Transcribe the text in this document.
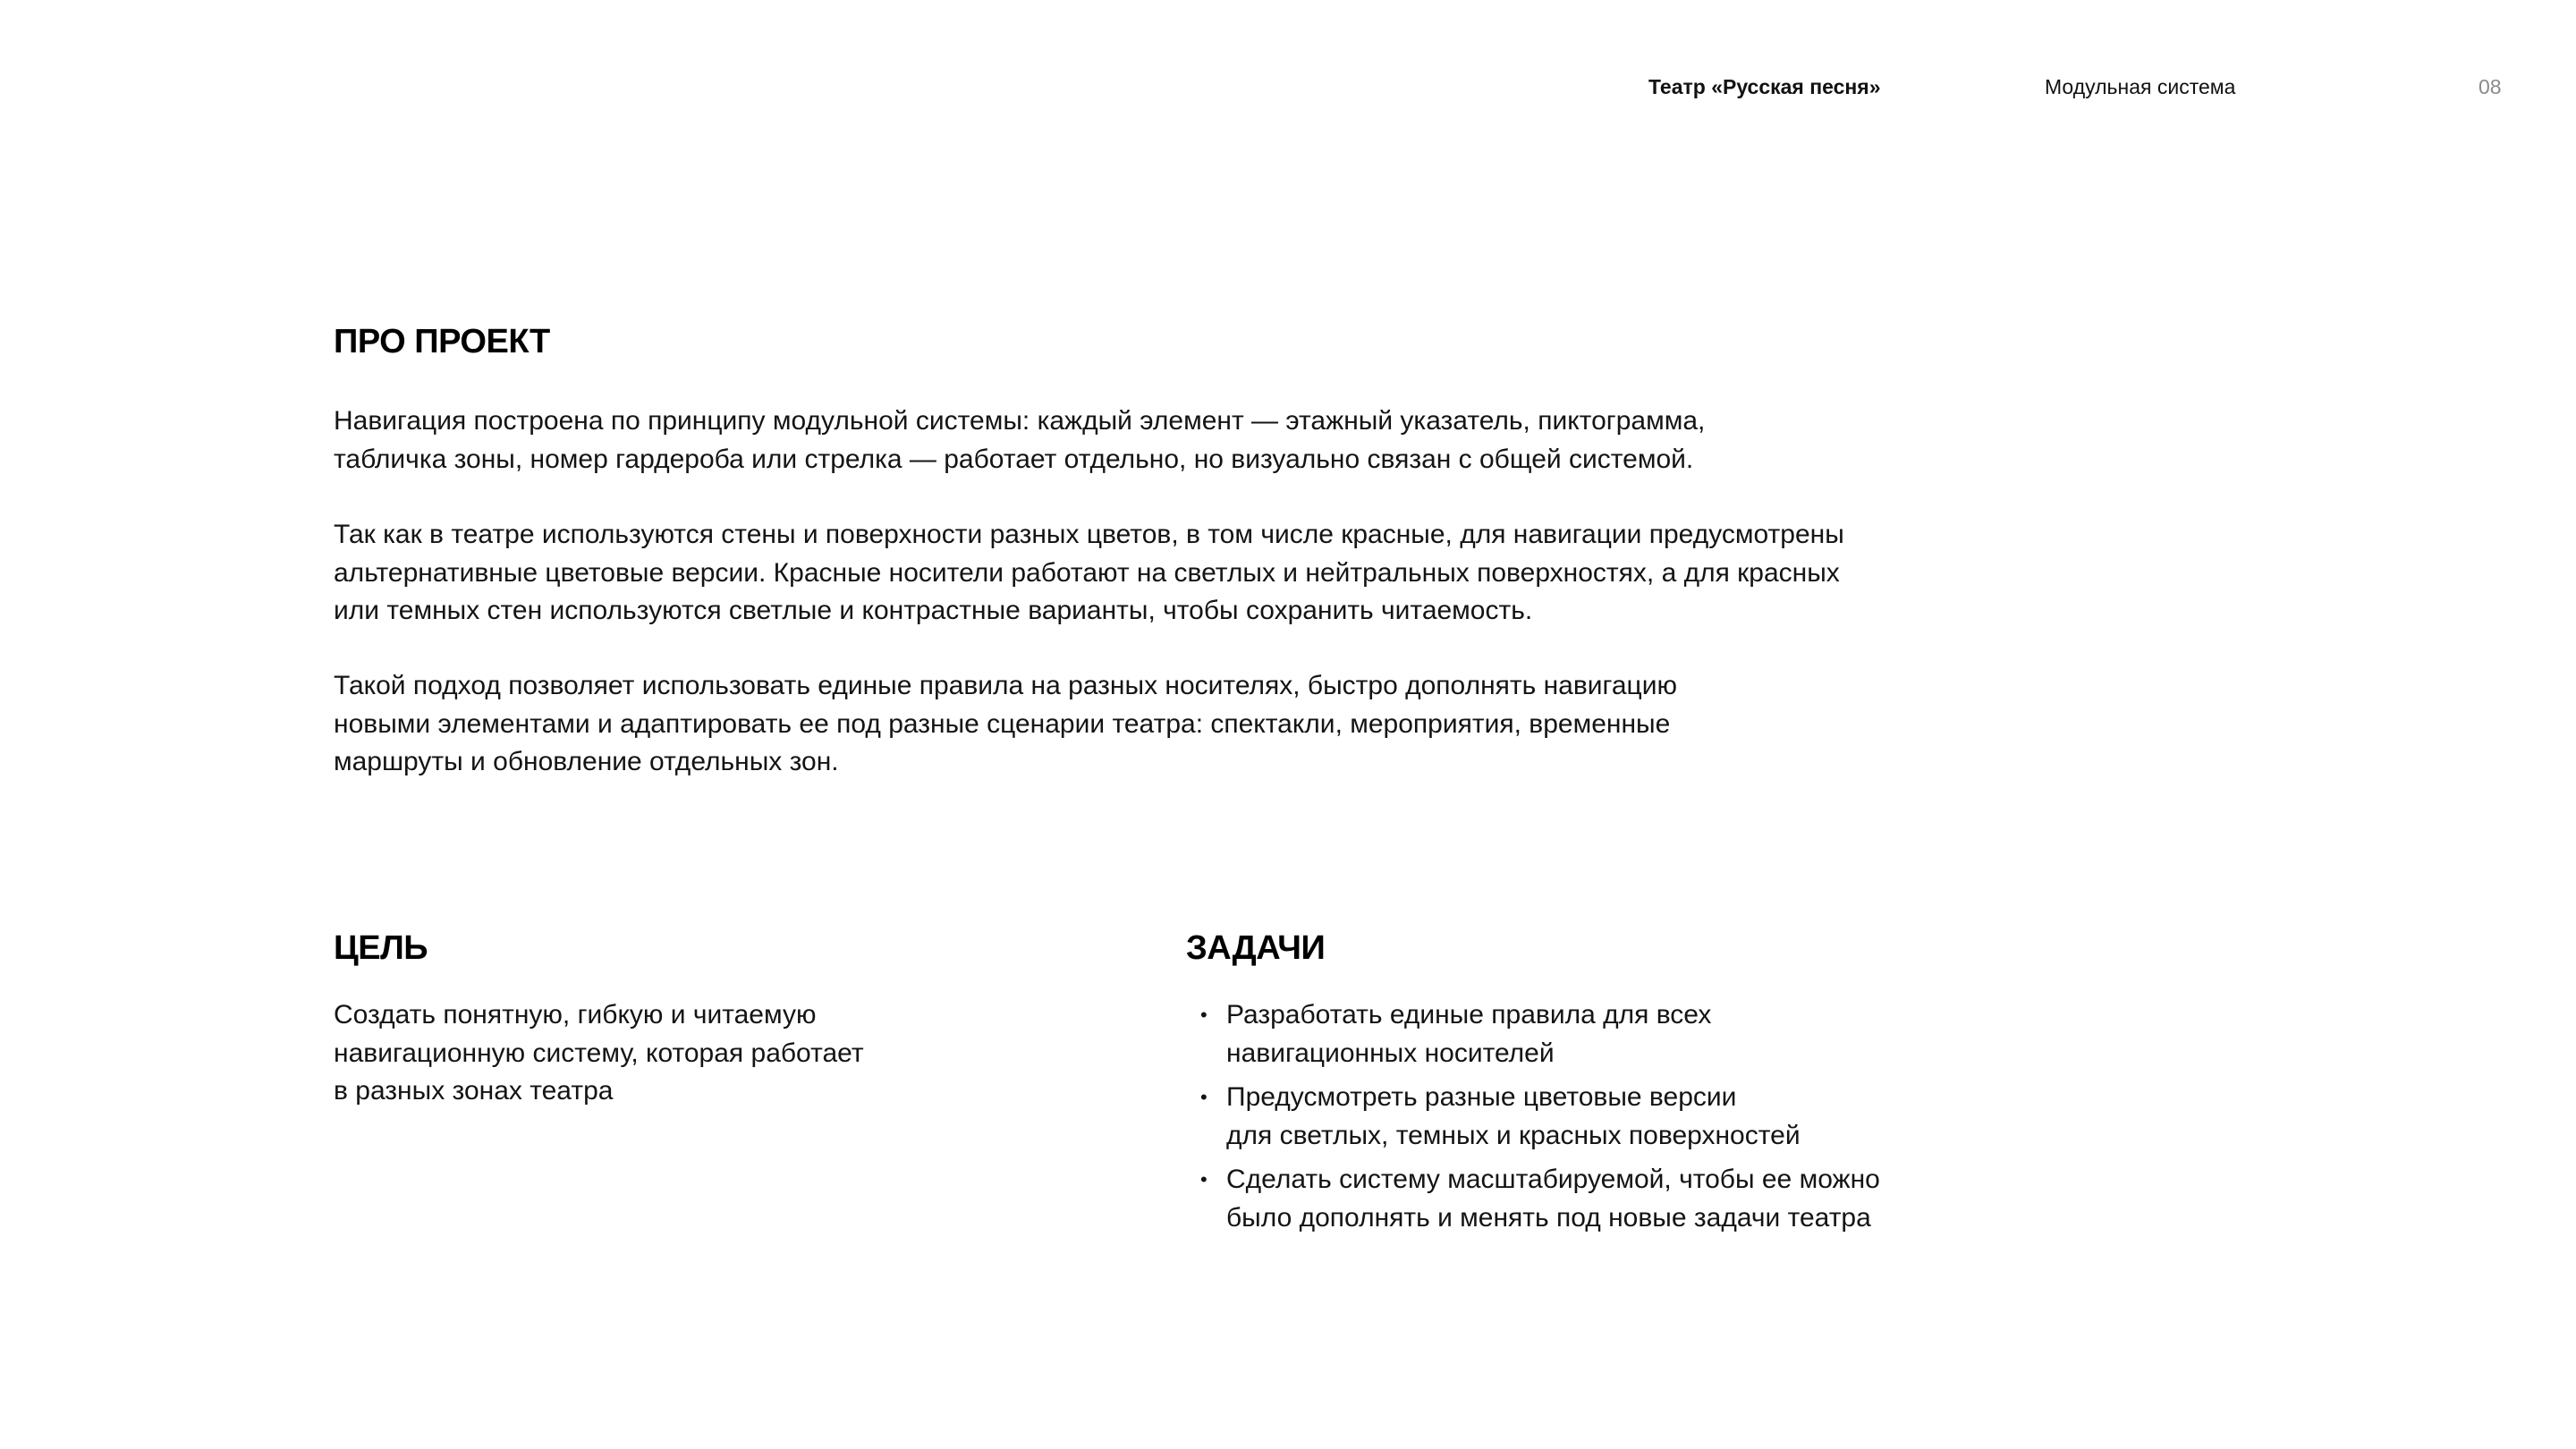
Театр «Русская песня»	Модульная система	08
ПРО ПРОЕКТ

Навигация построена по принципу модульной системы: каждый элемент — этажный указатель, пиктограмма,
табличка зоны, номер гардероба или стрелка — работает отдельно, но визуально связан с общей системой.

Так как в театре используются стены и поверхности разных цветов, в том числе красные, для навигации предусмотрены
альтернативные цветовые версии. Красные носители работают на светлых и нейтральных поверхностях, а для красных
или темных стен используются светлые и контрастные варианты, чтобы сохранить читаемость.

Такой подход позволяет использовать единые правила на разных носителях, быстро дополнять навигацию
новыми элементами и адаптировать ее под разные сценарии театра: спектакли, мероприятия, временные
маршруты и обновление отдельных зон.

ЦЕЛЬ

Создать понятную, гибкую и читаемую
навигационную систему, которая работает
в разных зонах театра

ЗАДАЧИ
• Разработать единые правила для всех
навигационных носителей
• Предусмотреть разные цветовые версии
для светлых, темных и красных поверхностей
• Сделать систему масштабируемой, чтобы ее можно
было дополнять и менять под новые задачи театра
